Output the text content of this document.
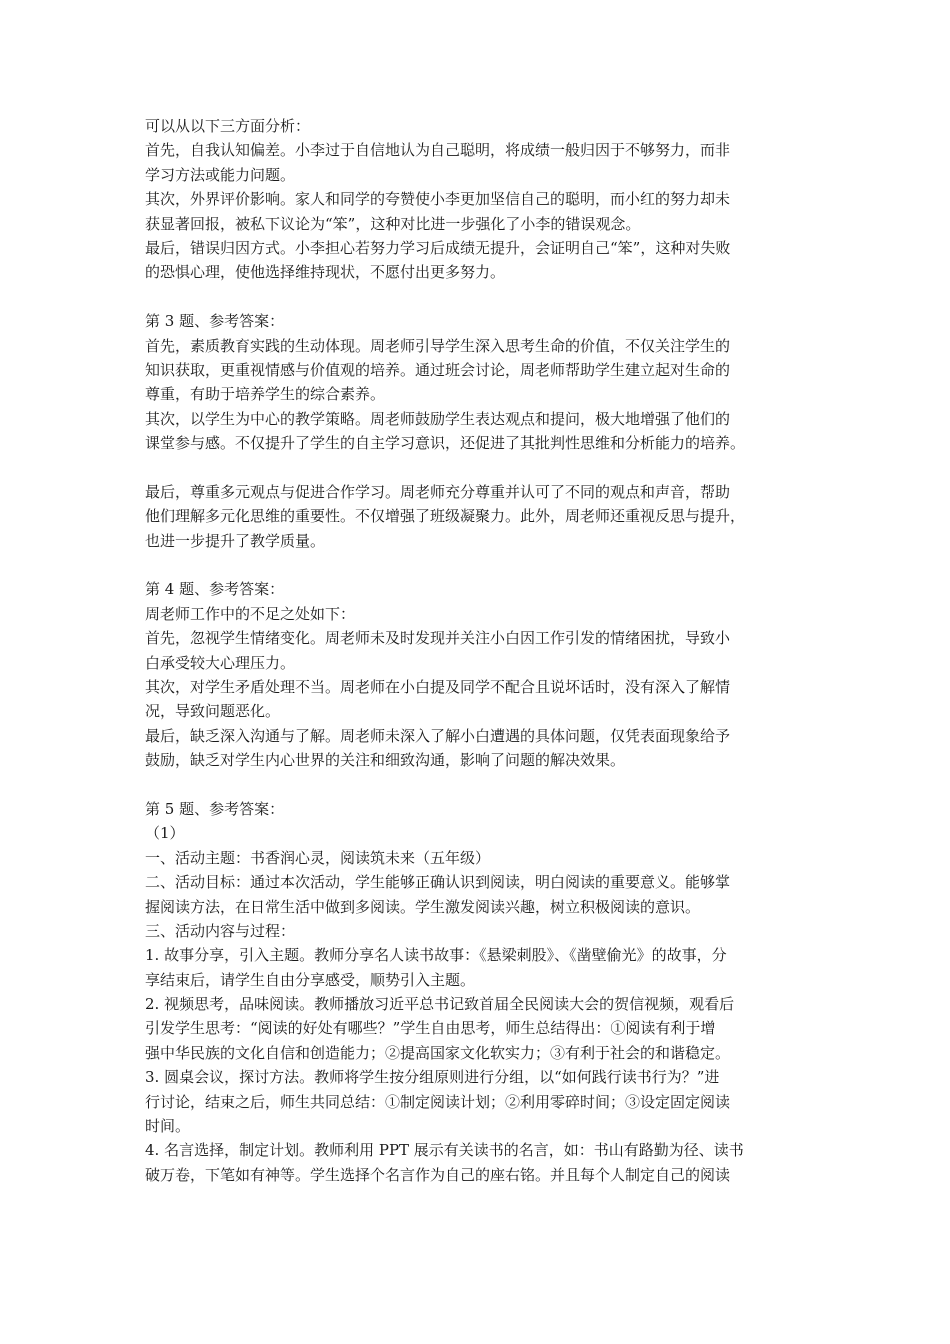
可以从以下三方面分析：
首先，自我认知偏差。小李过于自信地认为自己聪明，将成绩一般归因于不够努力，而非
学习方法或能力问题。
其次，外界评价影响。家人和同学的夸赞使小李更加坚信自己的聪明，而小红的努力却未
获显著回报，被私下议论为“笨”，这种对比进一步强化了小李的错误观念。
最后，错误归因方式。小李担心若努力学习后成绩无提升，会证明自己“笨”，这种对失败
的恐惧心理，使他选择维持现状，不愿付出更多努力。
第 3 题、参考答案：
首先，素质教育实践的生动体现。周老师引导学生深入思考生命的价值，不仅关注学生的
知识获取，更重视情感与价值观的培养。通过班会讨论，周老师帮助学生建立起对生命的
尊重，有助于培养学生的综合素养。
其次，以学生为中心的教学策略。周老师鼓励学生表达观点和提问，极大地增强了他们的
课堂参与感。不仅提升了学生的自主学习意识，还促进了其批判性思维和分析能力的培养。
最后，尊重多元观点与促进合作学习。周老师充分尊重并认可了不同的观点和声音，帮助
他们理解多元化思维的重要性。不仅增强了班级凝聚力。此外，周老师还重视反思与提升，
也进一步提升了教学质量。
第 4 题、参考答案：
周老师工作中的不足之处如下：
首先，忽视学生情绪变化。周老师未及时发现并关注小白因工作引发的情绪困扰，导致小
白承受较大心理压力。
其次，对学生矛盾处理不当。周老师在小白提及同学不配合且说坏话时，没有深入了解情
况，导致问题恶化。
最后，缺乏深入沟通与了解。周老师未深入了解小白遭遇的具体问题，仅凭表面现象给予
鼓励，缺乏对学生内心世界的关注和细致沟通，影响了问题的解决效果。
第 5 题、参考答案：
（1）
一、活动主题：书香润心灵，阅读筑未来（五年级）
二、活动目标：通过本次活动，学生能够正确认识到阅读，明白阅读的重要意义。能够掌
握阅读方法，在日常生活中做到多阅读。学生激发阅读兴趣，树立积极阅读的意识。
三、活动内容与过程：
1. 故事分享，引入主题。教师分享名人读书故事：《悬梁刺股》、《凿壁偷光》的故事，分
享结束后，请学生自由分享感受，顺势引入主题。
2. 视频思考，品味阅读。教师播放习近平总书记致首届全民阅读大会的贺信视频，观看后
引发学生思考：“阅读的好处有哪些？”学生自由思考，师生总结得出：①阅读有利于增
强中华民族的文化自信和创造能力；②提高国家文化软实力；③有利于社会的和谐稳定。
3. 圆桌会议，探讨方法。教师将学生按分组原则进行分组，以“如何践行读书行为？”进
行讨论，结束之后，师生共同总结：①制定阅读计划；②利用零碎时间；③设定固定阅读
时间。
4. 名言选择，制定计划。教师利用 PPT 展示有关读书的名言，如：书山有路勤为径、读书
破万卷，下笔如有神等。学生选择个名言作为自己的座右铭。并且每个人制定自己的阅读
